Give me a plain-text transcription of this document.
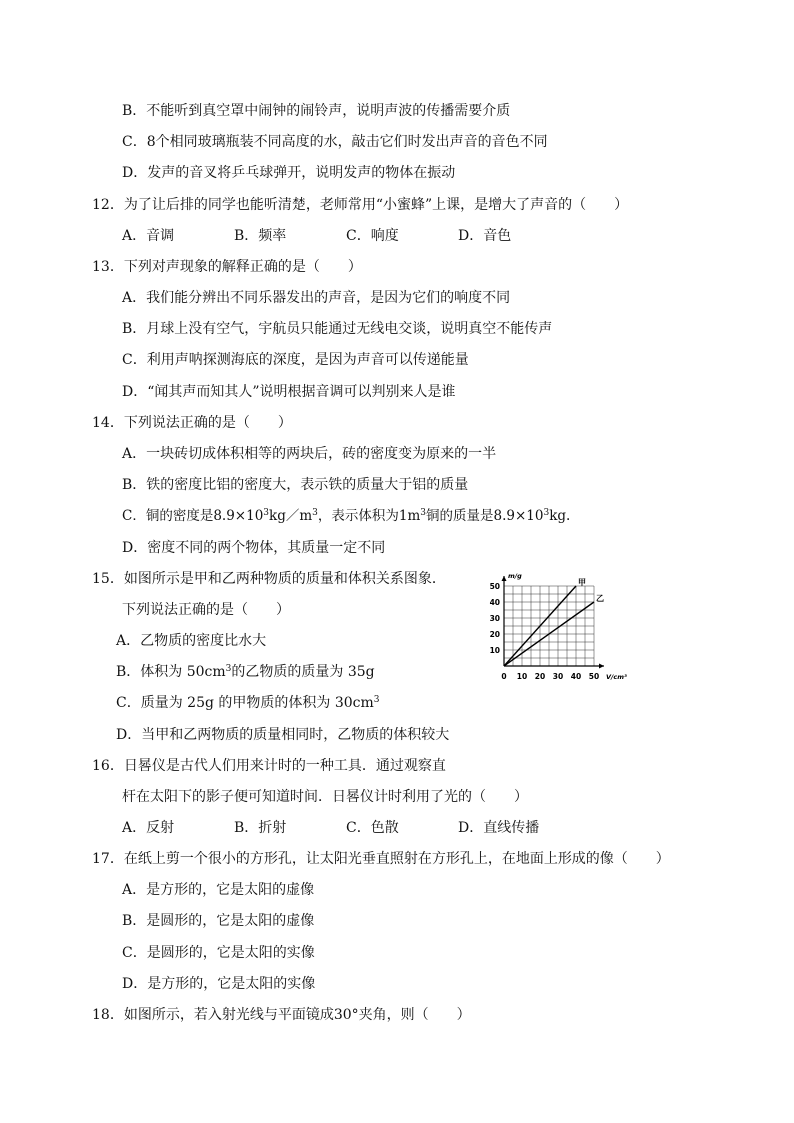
B．不能听到真空罩中闹钟的闹铃声，说明声波的传播需要介质
C．8个相同玻璃瓶装不同高度的水，敲击它们时发出声音的音色不同
D．发声的音叉将乒乓球弹开，说明发声的物体在振动
12．为了让后排的同学也能听清楚，老师常用“小蜜蜂”上课，是增大了声音的（　　）
A．音调	B．频率	C．响度	D．音色
13．下列对声现象的解释正确的是（　　）
A．我们能分辨出不同乐器发出的声音，是因为它们的响度不同
B．月球上没有空气，宇航员只能通过无线电交谈，说明真空不能传声
C．利用声呐探测海底的深度，是因为声音可以传递能量
D．“闻其声而知其人”说明根据音调可以判别来人是谁
14．下列说法正确的是（　　）
A．一块砖切成体积相等的两块后，砖的密度变为原来的一半
B．铁的密度比铝的密度大，表示铁的质量大于铝的质量
C．铜的密度是$8.9\times 10^3kg/m^3$，表示体积为$1m^3$铜的质量是$8.9\times 10^3kg$.
D．密度不同的两个物体，其质量一定不同
15．如图所示是甲和乙两种物质的质量和体积关系图象．
下列说法正确的是（　　）
A．乙物质的密度比水大
B．体积为 $50cm^3$的乙物质的质量为 35g
C．质量为 25g 的甲物质的体积为 $30cm^3$
D．当甲和乙两物质的质量相同时，乙物质的体积较大
0 10 20 30 40 50
10
20
30
40
50
V/cm³
m/g
甲
乙
16．日晷仪是古代人们用来计时的一种工具．通过观察直
杆在太阳下的影子便可知道时间．日晷仪计时利用了光的（　　）
A．反射	B．折射	C．色散	D．直线传播
17．在纸上剪一个很小的方形孔，让太阳光垂直照射在方形孔上，在地面上形成的像（　　）
A．是方形的，它是太阳的虚像
B．是圆形的，它是太阳的虚像
C．是圆形的，它是太阳的实像
D．是方形的，它是太阳的实像
18．如图所示，若入射光线与平面镜成30°夹角，则（　　）
